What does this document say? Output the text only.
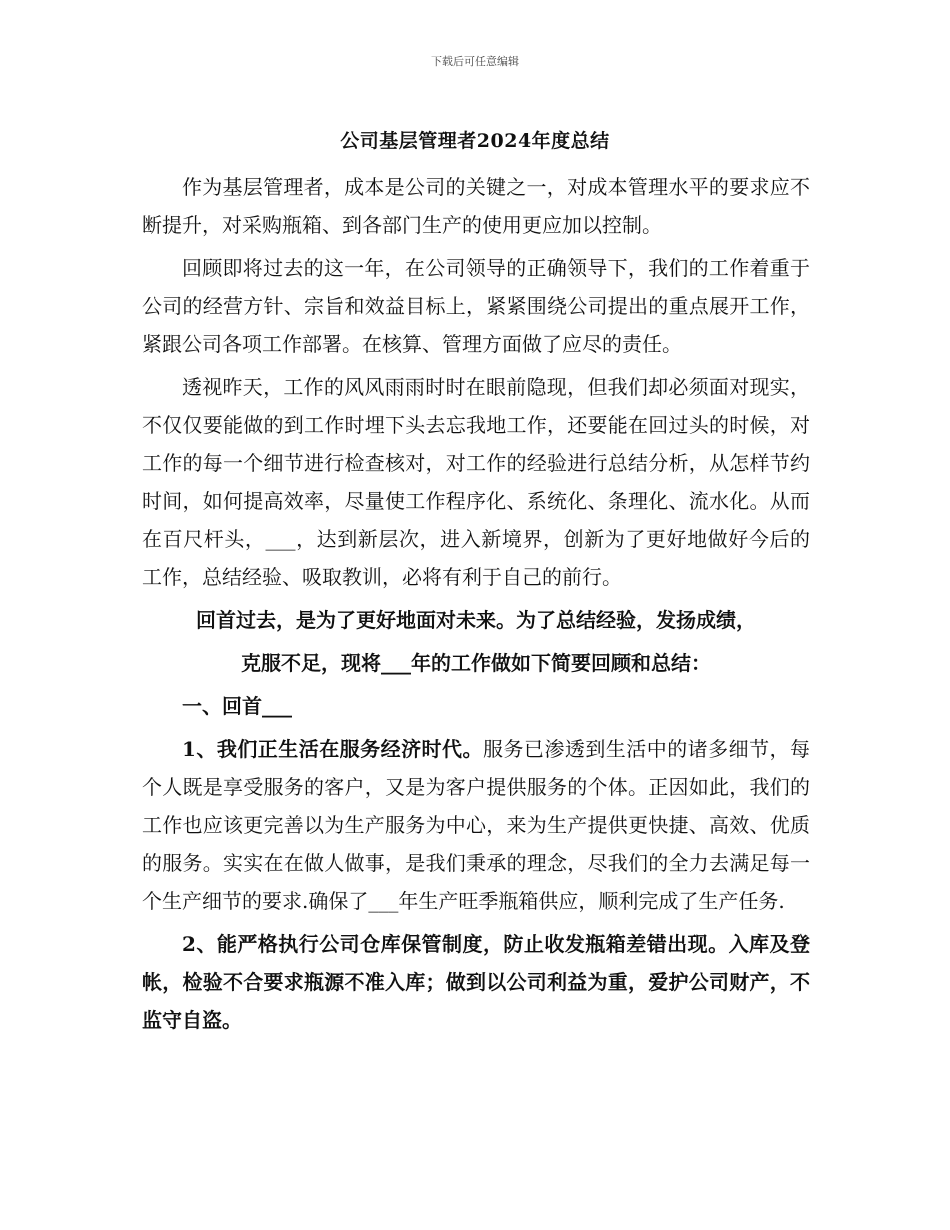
下载后可任意编辑
公司基层管理者2024年度总结

作为基层管理者，成本是公司的关键之一，对成本管理水平的要求应不断提升，对采购瓶箱、到各部门生产的使用更应加以控制。

回顾即将过去的这一年，在公司领导的正确领导下，我们的工作着重于公司的经营方针、宗旨和效益目标上，紧紧围绕公司提出的重点展开工作，紧跟公司各项工作部署。在核算、管理方面做了应尽的责任。

透视昨天，工作的风风雨雨时时在眼前隐现，但我们却必须面对现实，不仅仅要能做的到工作时埋下头去忘我地工作，还要能在回过头的时候，对工作的每一个细节进行检查核对，对工作的经验进行总结分析，从怎样节约时间，如何提高效率，尽量使工作程序化、系统化、条理化、流水化。从而在百尺杆头，___，达到新层次，进入新境界，创新为了更好地做好今后的工作，总结经验、吸取教训，必将有利于自己的前行。

回首过去，是为了更好地面对未来。为了总结经验，发扬成绩，

克服不足，现将___年的工作做如下简要回顾和总结：

一、回首___

1、我们正生活在服务经济时代。服务已渗透到生活中的诸多细节，每个人既是享受服务的客户，又是为客户提供服务的个体。正因如此，我们的工作也应该更完善以为生产服务为中心，来为生产提供更快捷、高效、优质的服务。实实在在做人做事，是我们秉承的理念，尽我们的全力去满足每一个生产细节的要求.确保了___年生产旺季瓶箱供应，顺利完成了生产任务.

2、能严格执行公司仓库保管制度，防止收发瓶箱差错出现。入库及登帐，检验不合要求瓶源不准入库；做到以公司利益为重，爱护公司财产，不监守自盗。
